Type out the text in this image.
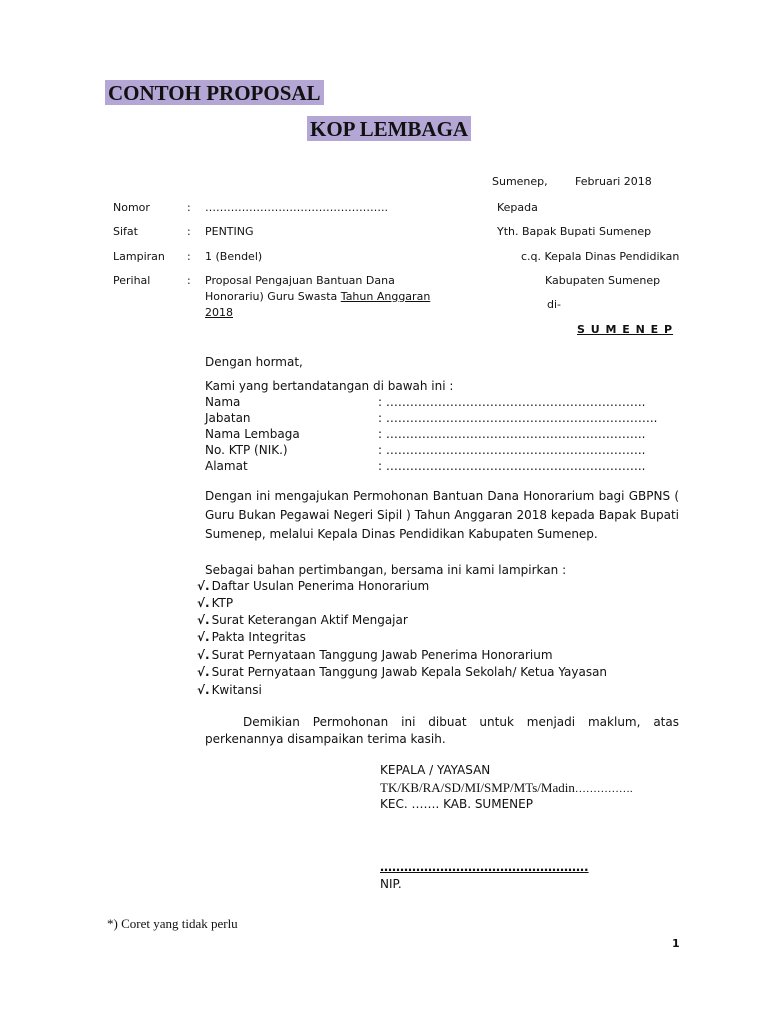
CONTOH PROPOSAL
KOP LEMBAGA
Sumenep, Februari 2018
Nomor	: …………………………………………..
Sifat	: PENTING
Lampiran : 1 (Bendel)
Perihal	: Proposal Pengajuan Bantuan Dana
Honorariu) Guru Swasta Tahun Anggaran
2018
Kepada
Yth. Bapak Bupati Sumenep
c.q. Kepala Dinas Pendidikan
Kabupaten Sumenep
di-
S U M E N E P
Dengan hormat,
Kami yang bertandatangan di bawah ini :
Nama	: ………………………………………………………..
Jabatan	: …………………………………………………………..
Nama Lembaga	: ………………………………………………………..
No. KTP (NIK.)	: ………………………………………………………..
Alamat	: ………………………………………………………..
Dengan ini mengajukan Permohonan Bantuan Dana Honorarium bagi GBPNS ( Guru Bukan Pegawai Negeri Sipil ) Tahun Anggaran 2018 kepada Bapak Bupati Sumenep, melalui Kepala Dinas Pendidikan Kabupaten Sumenep.
Sebagai bahan pertimbangan, bersama ini kami lampirkan :
√. Daftar Usulan Penerima Honorarium
√. KTP
√. Surat Keterangan Aktif Mengajar
√. Pakta Integritas
√. Surat Pernyataan Tanggung Jawab Penerima Honorarium
√. Surat Pernyataan Tanggung Jawab Kepala Sekolah/ Ketua Yayasan
√. Kwitansi
Demikian Permohonan ini dibuat untuk menjadi maklum, atas
perkenannya disampaikan terima kasih.
KEPALA / YAYASAN
TK/KB/RA/SD/MI/SMP/MTs/Madin…………….
KEC. ……. KAB. SUMENEP
…………………………………………….
NIP.
*) Coret yang tidak perlu
1
